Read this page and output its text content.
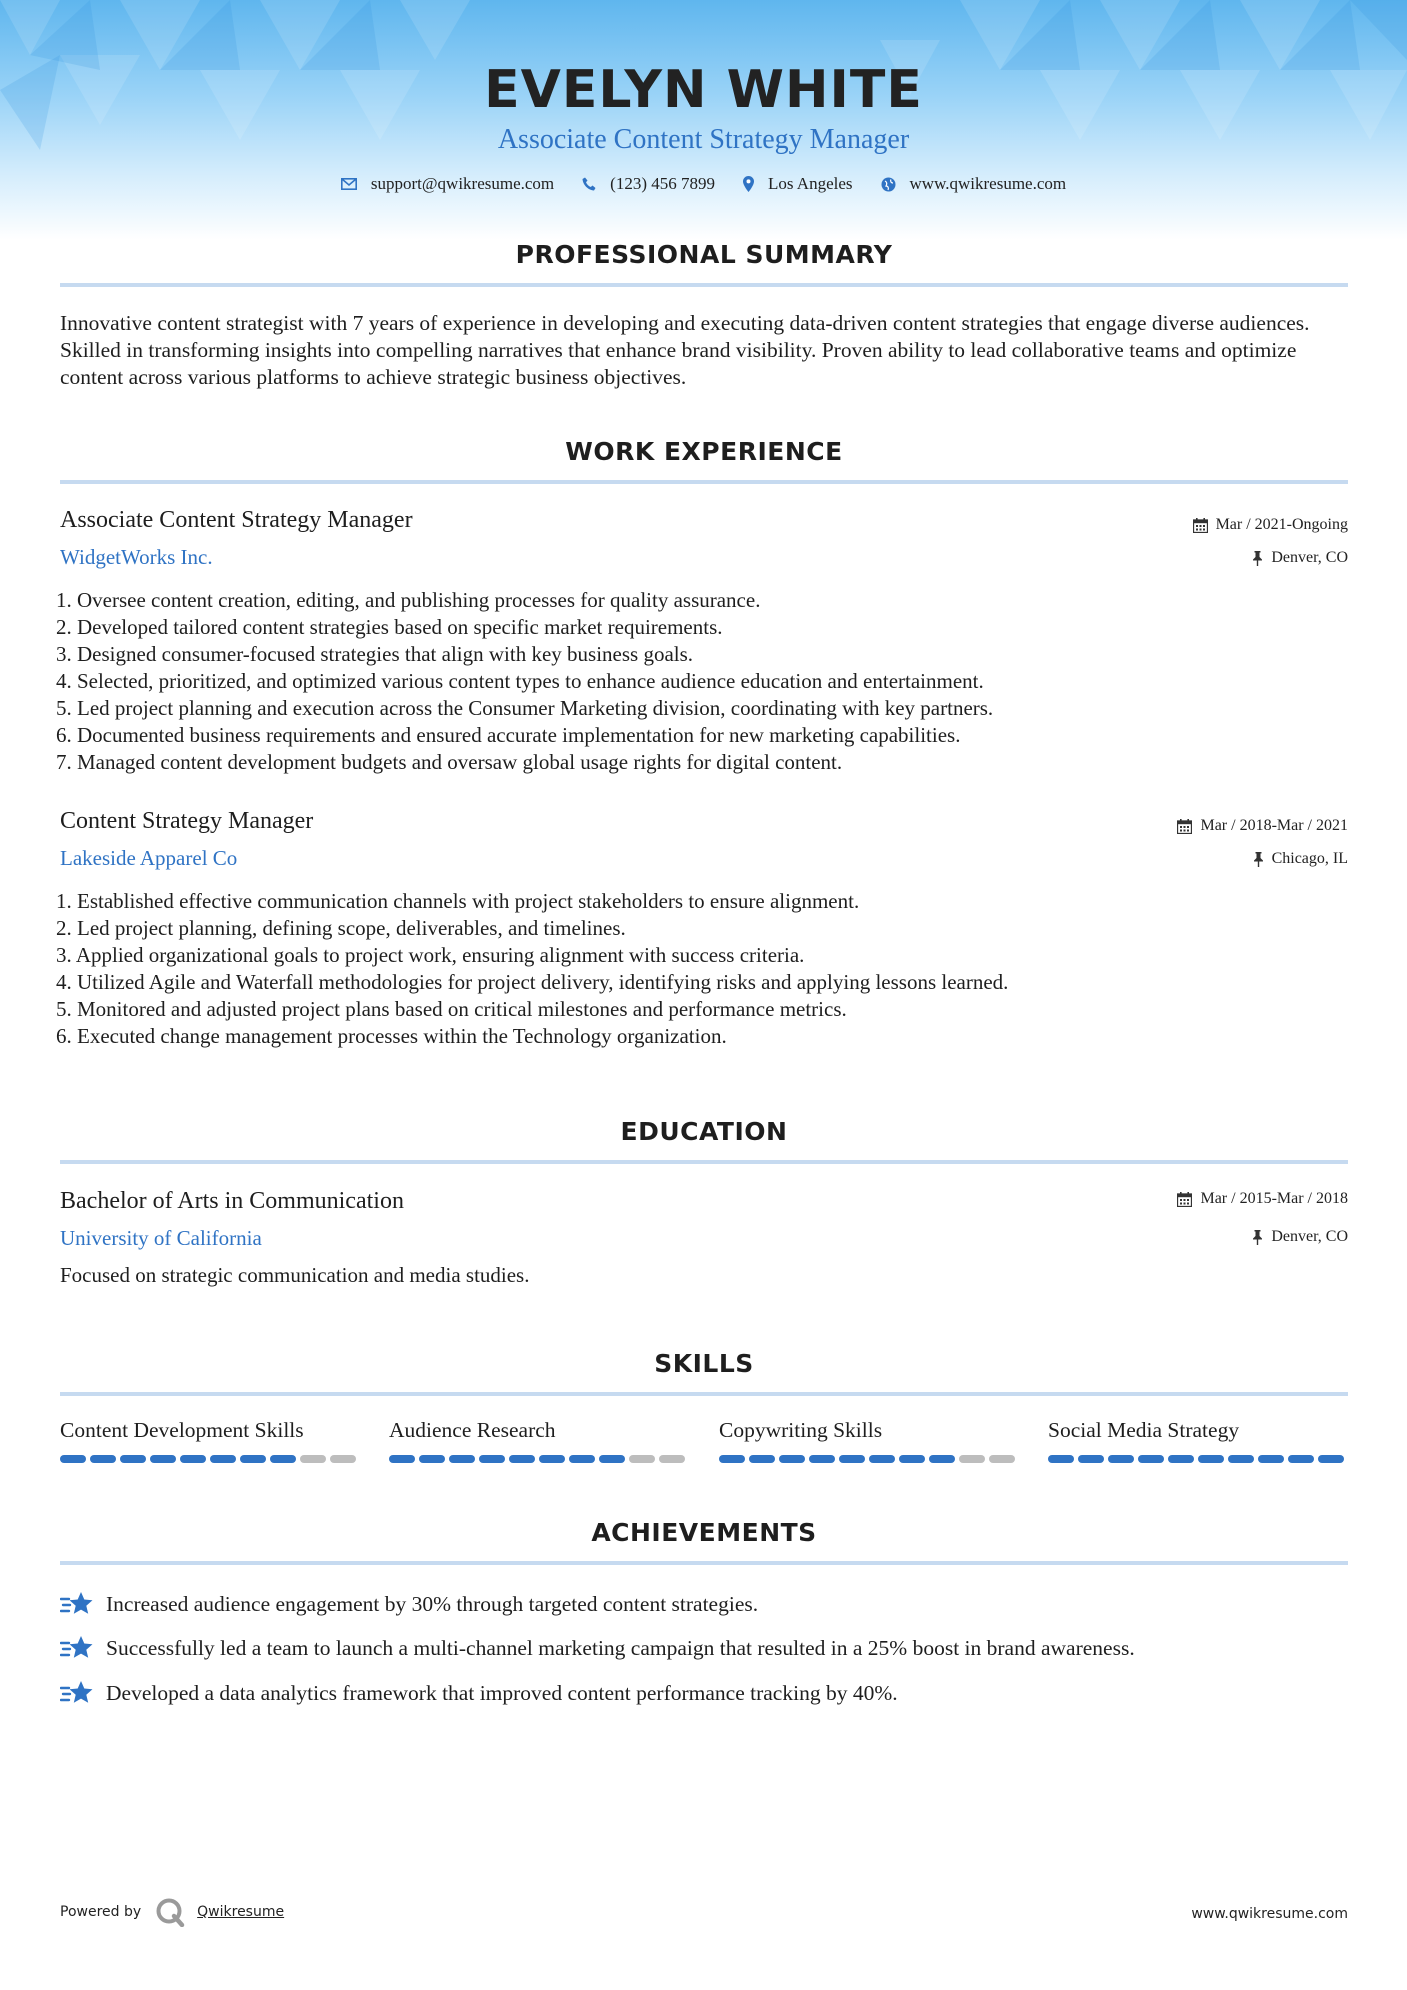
EVELYN WHITE
Associate Content Strategy Manager
support@qwikresume.com	(123) 456 7899	Los Angeles	www.qwikresume.com
PROFESSIONAL SUMMARY
Innovative content strategist with 7 years of experience in developing and executing data-driven content strategies that engage diverse audiences. Skilled in transforming insights into compelling narratives that enhance brand visibility. Proven ability to lead collaborative teams and optimize content across various platforms to achieve strategic business objectives.
WORK EXPERIENCE
Associate Content Strategy Manager
WidgetWorks Inc.
Mar / 2021-Ongoing
Denver, CO
1. Oversee content creation, editing, and publishing processes for quality assurance.
2. Developed tailored content strategies based on specific market requirements.
3. Designed consumer-focused strategies that align with key business goals.
4. Selected, prioritized, and optimized various content types to enhance audience education and entertainment.
5. Led project planning and execution across the Consumer Marketing division, coordinating with key partners.
6. Documented business requirements and ensured accurate implementation for new marketing capabilities.
7. Managed content development budgets and oversaw global usage rights for digital content.
Content Strategy Manager
Lakeside Apparel Co
Mar / 2018-Mar / 2021
Chicago, IL
1. Established effective communication channels with project stakeholders to ensure alignment.
2. Led project planning, defining scope, deliverables, and timelines.
3. Applied organizational goals to project work, ensuring alignment with success criteria.
4. Utilized Agile and Waterfall methodologies for project delivery, identifying risks and applying lessons learned.
5. Monitored and adjusted project plans based on critical milestones and performance metrics.
6. Executed change management processes within the Technology organization.
EDUCATION
Bachelor of Arts in Communication
University of California
Mar / 2015-Mar / 2018
Denver, CO
Focused on strategic communication and media studies.
SKILLS
Content Development Skills	Audience Research	Copywriting Skills	Social Media Strategy
ACHIEVEMENTS
Increased audience engagement by 30% through targeted content strategies.
Successfully led a team to launch a multi-channel marketing campaign that resulted in a 25% boost in brand awareness.
Developed a data analytics framework that improved content performance tracking by 40%.
Powered by	Qwikresume	www.qwikresume.com
